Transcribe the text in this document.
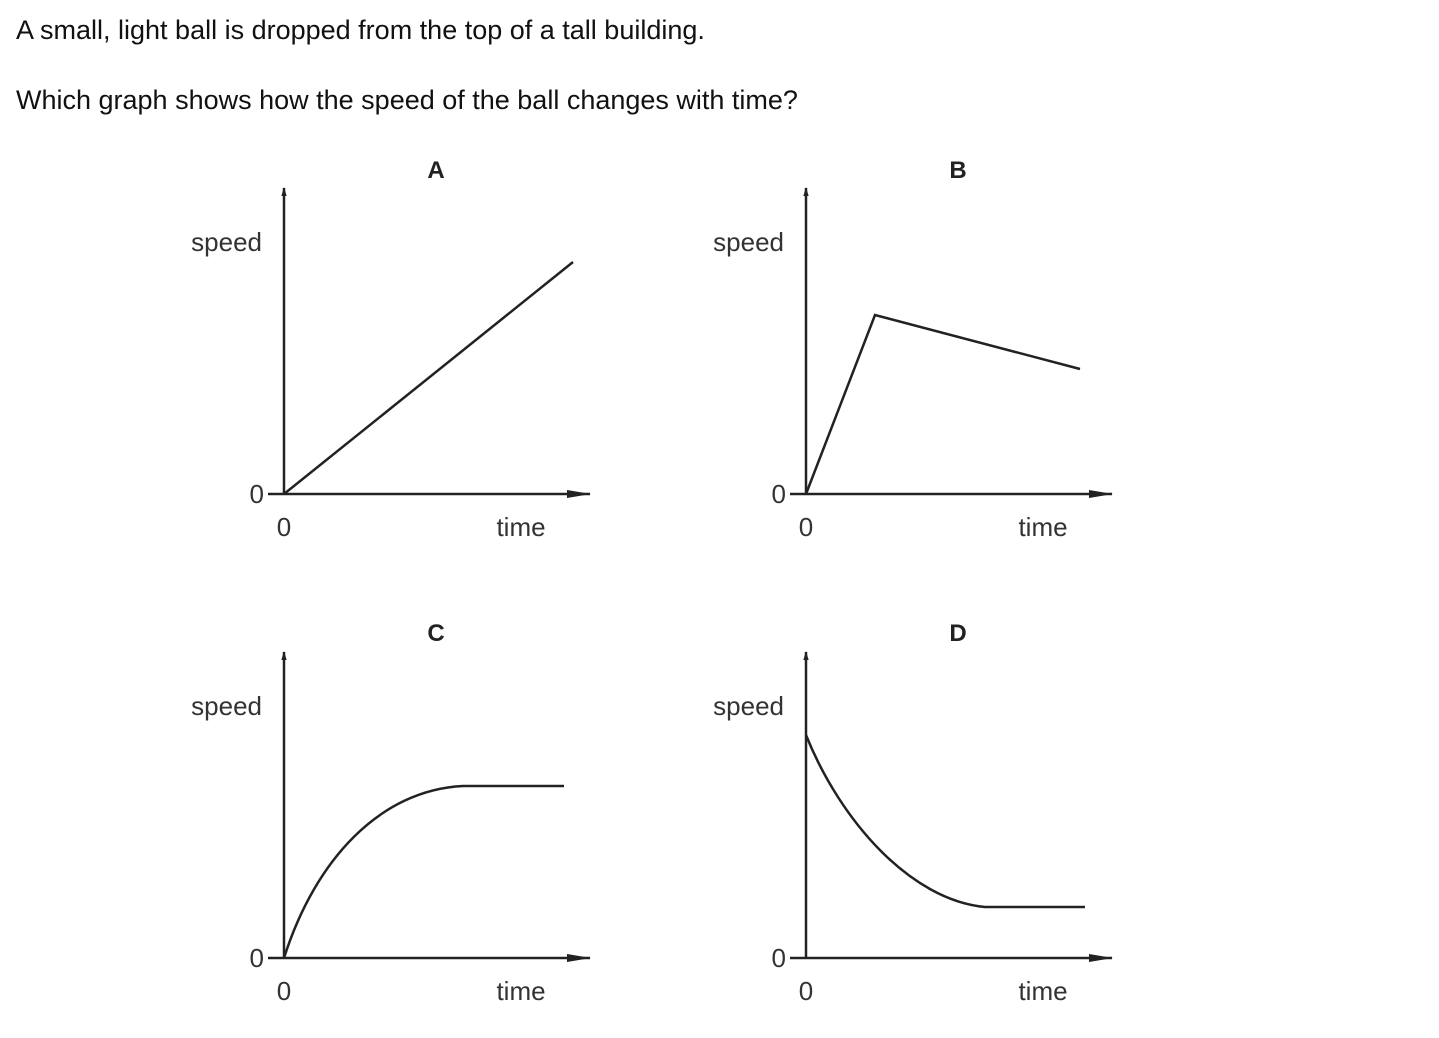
A small, light ball is dropped from the top of a tall building.

Which graph shows how the speed of the ball changes with time?

A
speed
0
0	time
B
speed
0
0	time
C
speed
0
0	time
D
speed
0
0	time
